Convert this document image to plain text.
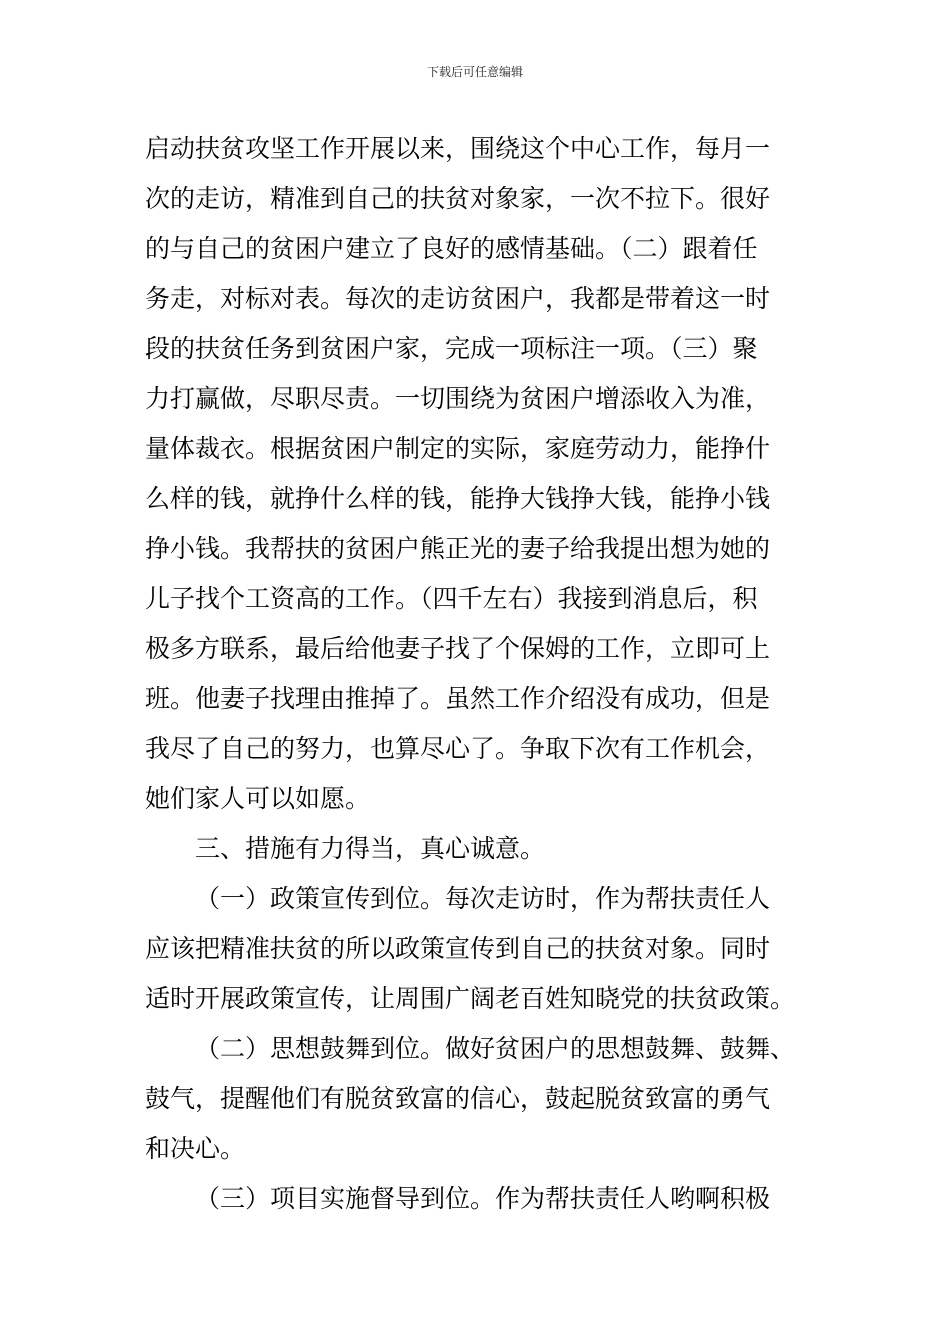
下载后可任意编辑
启动扶贫攻坚工作开展以来，围绕这个中心工作，每月一
次的走访，精准到自己的扶贫对象家，一次不拉下。很好
的与自己的贫困户建立了良好的感情基础。（二）跟着任
务走，对标对表。每次的走访贫困户，我都是带着这一时
段的扶贫任务到贫困户家，完成一项标注一项。（三）聚
力打赢做，尽职尽责。一切围绕为贫困户增添收入为准，
量体裁衣。根据贫困户制定的实际，家庭劳动力，能挣什
么样的钱，就挣什么样的钱，能挣大钱挣大钱，能挣小钱
挣小钱。我帮扶的贫困户熊正光的妻子给我提出想为她的
儿子找个工资高的工作。（四千左右）我接到消息后，积
极多方联系，最后给他妻子找了个保姆的工作，立即可上
班。他妻子找理由推掉了。虽然工作介绍没有成功，但是
我尽了自己的努力，也算尽心了。争取下次有工作机会，
她们家人可以如愿。
三、措施有力得当，真心诚意。
（一）政策宣传到位。每次走访时，作为帮扶责任人
应该把精准扶贫的所以政策宣传到自己的扶贫对象。同时
适时开展政策宣传，让周围广阔老百姓知晓党的扶贫政策。
（二）思想鼓舞到位。做好贫困户的思想鼓舞、鼓舞、
鼓气，提醒他们有脱贫致富的信心，鼓起脱贫致富的勇气
和决心。
（三）项目实施督导到位。作为帮扶责任人哟啊积极
